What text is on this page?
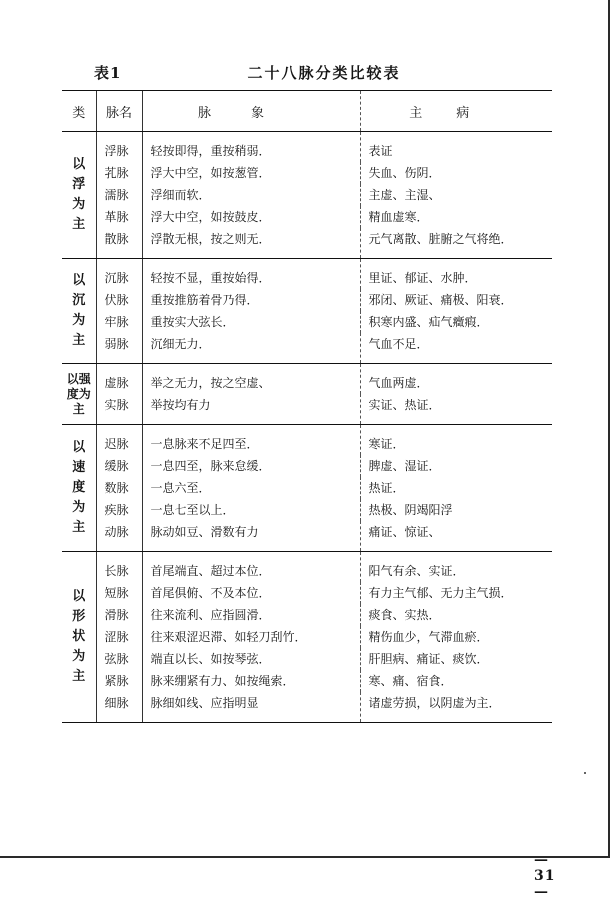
表1	二十八脉分类比较表
类	脉名	脉象	主病
以
浮
为
主	浮脉	轻按即得，重按稍弱．	表证
	芤脉	浮大中空，如按葱管．	失血、伤阴．
	濡脉	浮细而软．	主虚、主湿、
	革脉	浮大中空，如按鼓皮．	精血虚寒．
	散脉	浮散无根，按之则无．	元气离散、脏腑之气将绝．
以
沉
为
主	沉脉	轻按不显，重按始得．	里证、郁证、水肿．
	伏脉	重按推筋着骨乃得．	邪闭、厥证、痛极、阳衰．
	牢脉	重按实大弦长．	积寒内盛、疝气癥瘕．
	弱脉	沉细无力．	气血不足．
以强
度为
主	虚脉	举之无力，按之空虚、	气血两虚．
	实脉	举按均有力	实证、热证．
以
速
度
为
主	迟脉	一息脉来不足四至．	寒证．
	缓脉	一息四至，脉来怠缓．	脾虚、湿证．
	数脉	一息六至．	热证．
	疾脉	一息七至以上．	热极、阴竭阳浮
	动脉	脉动如豆、滑数有力	痛证、惊证、
以
形
状
为
主	长脉	首尾端直、超过本位．	阳气有余、实证．
	短脉	首尾俱俯、不及本位．	有力主气郁、无力主气损．
	滑脉	往来流利、应指圆滑．	痰食、实热．
	涩脉	往来艰涩迟滞、如轻刀刮竹．	精伤血少，气滞血瘀．
	弦脉	端直以长、如按琴弦．	肝胆病、痛证、痰饮．
	紧脉	脉来绷紧有力、如按绳索．	寒、痛、宿食．
	细脉	脉细如线、应指明显	诸虚劳损，以阴虚为主．
— 31 —
